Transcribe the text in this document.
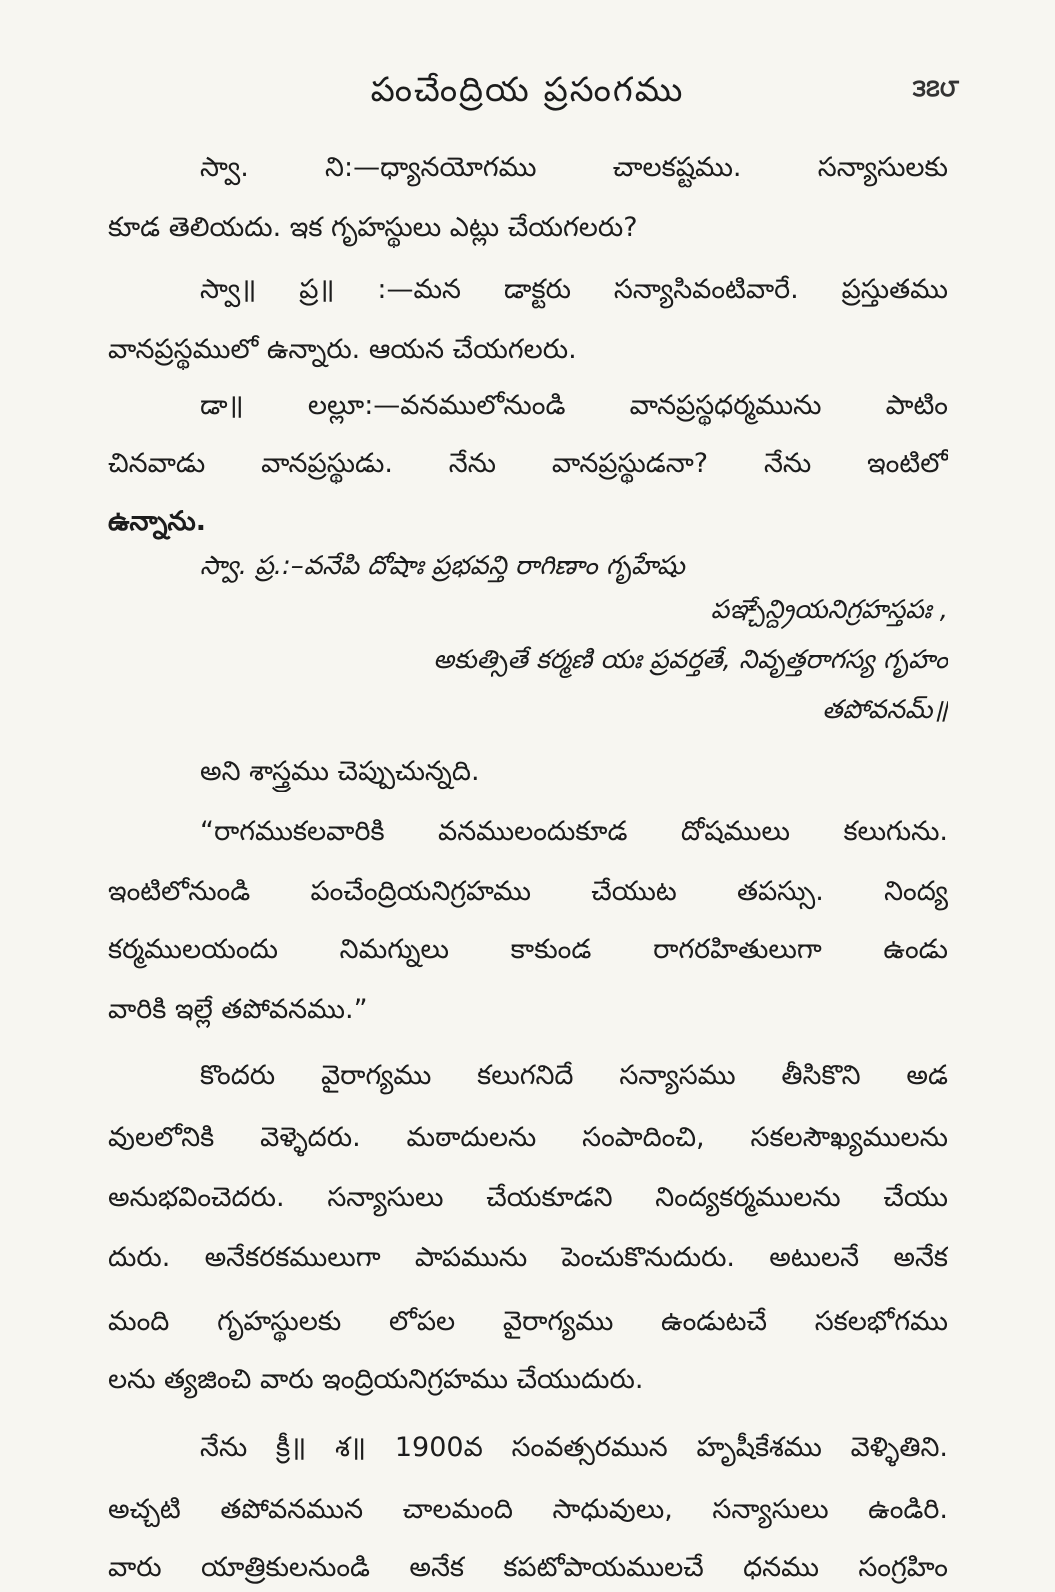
పంచేంద్రియ ప్రసంగము	౩౭౮
స్వా. ని:—ధ్యానయోగము చాలకష్టము. సన్యాసులకు
కూడ తెలియదు. ఇక గృహస్థులు ఎట్లు చేయగలరు?
స్వా॥ ప్ర॥ :—మన డాక్టరు సన్యాసివంటివారే. ప్రస్తుతము
వానప్రస్థములో ఉన్నారు. ఆయన చేయగలరు.
డా॥ లల్లూ:—వనములోనుండి వానప్రస్థధర్మమును పాటిం
చినవాడు వానప్రస్థుడు. నేను వానప్రస్థుడనా? నేను ఇంటిలో
ఉన్నాను.
స్వా. ప్ర.:–వనేపి దోషాః ప్రభవన్తి రాగిణాం గృహేషు
పఞ్చేన్ద్రియనిగ్రహస్తపః ,
అకుత్సితే కర్మణి యః ప్రవర్తతే, నివృత్తరాగస్య గృహం
తపోవనమ్॥
అని శాస్త్రము చెప్పుచున్నది.
“రాగముకలవారికి వనములందుకూడ దోషములు కలుగును.
ఇంటిలోనుండి పంచేంద్రియనిగ్రహము చేయుట తపస్సు. నింద్య
కర్మములయందు నిమగ్నులు కాకుండ రాగరహితులుగా ఉండు
వారికి ఇల్లే తపోవనము.”
కొందరు వైరాగ్యము కలుగనిదే సన్యాసము తీసికొని అడ
వులలోనికి వెళ్ళెదరు. మఠాదులను సంపాదించి, సకలసౌఖ్యములను
అనుభవించెదరు. సన్యాసులు చేయకూడని నింద్యకర్మములను చేయు
దురు. అనేకరకములుగా పాపమును పెంచుకొనుదురు. అటులనే అనేక
మంది గృహస్థులకు లోపల వైరాగ్యము ఉండుటచే సకలభోగము
లను త్యజించి వారు ఇంద్రియనిగ్రహము చేయుదురు.
నేను క్రీ॥ శ॥ 1900వ సంవత్సరమున హృషీకేశము వెళ్ళితిని.
అచ్చటి తపోవనమున చాలమంది సాధువులు, సన్యాసులు ఉండిరి.
వారు యాత్రికులనుండి అనేక కపటోపాయములచే ధనము సంగ్రహిం
